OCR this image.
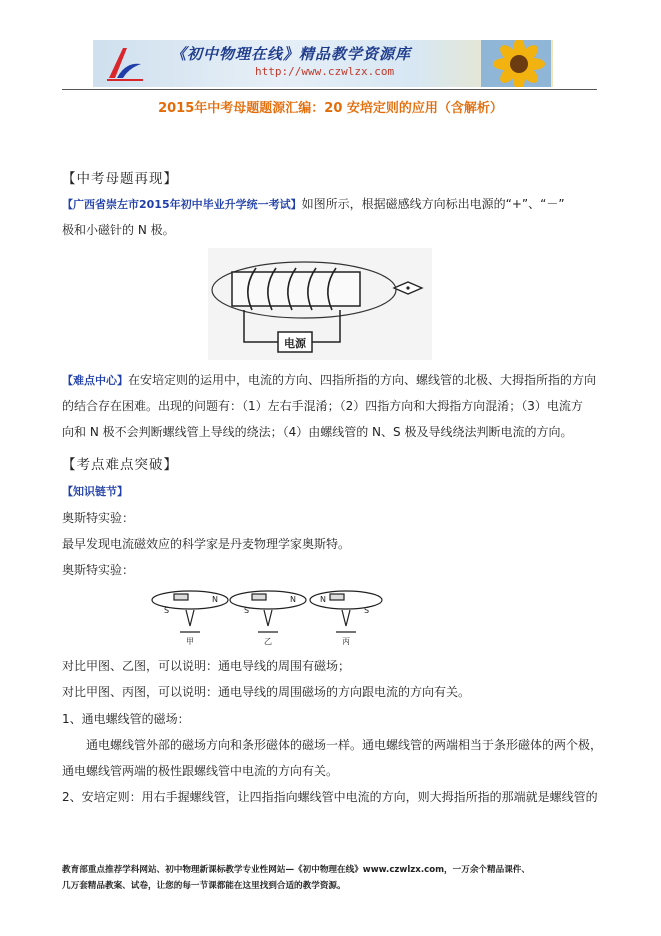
《初中物理在线》精品教学资源库
http://www.czwlzx.com
2015年中考母题题源汇编：20 安培定则的应用（含解析）
【中考母题再现】
【广西省崇左市2015年初中毕业升学统一考试】如图所示，根据磁感线方向标出电源的“+”、“－”
极和小磁针的 N 极。
电源
【难点中心】在安培定则的运用中，电流的方向、四指所指的方向、螺线管的北极、大拇指所指的方向
的结合存在困难。出现的问题有：（1）左右手混淆；（2）四指方向和大拇指方向混淆；（3）电流方
向和 N 极不会判断螺线管上导线的绕法；（4）由螺线管的 N、S 极及导线绕法判断电流的方向。
【考点难点突破】
【知识链节】
奥斯特实验：
最早发现电流磁效应的科学家是丹麦物理学家奥斯特。
奥斯特实验：
N
S
N
S
N
S
甲	乙	丙
对比甲图、乙图，可以说明：通电导线的周围有磁场；
对比甲图、丙图，可以说明：通电导线的周围磁场的方向跟电流的方向有关。
1、通电螺线管的磁场：
通电螺线管外部的磁场方向和条形磁体的磁场一样。通电螺线管的两端相当于条形磁体的两个极，
通电螺线管两端的极性跟螺线管中电流的方向有关。
2、安培定则：用右手握螺线管，让四指指向螺线管中电流的方向，则大拇指所指的那端就是螺线管的
教育部重点推荐学科网站、初中物理新课标教学专业性网站—《初中物理在线》www.czwlzx.com，一万余个精品课件、
几万套精品教案、试卷，让您的每一节课都能在这里找到合适的教学资源。
